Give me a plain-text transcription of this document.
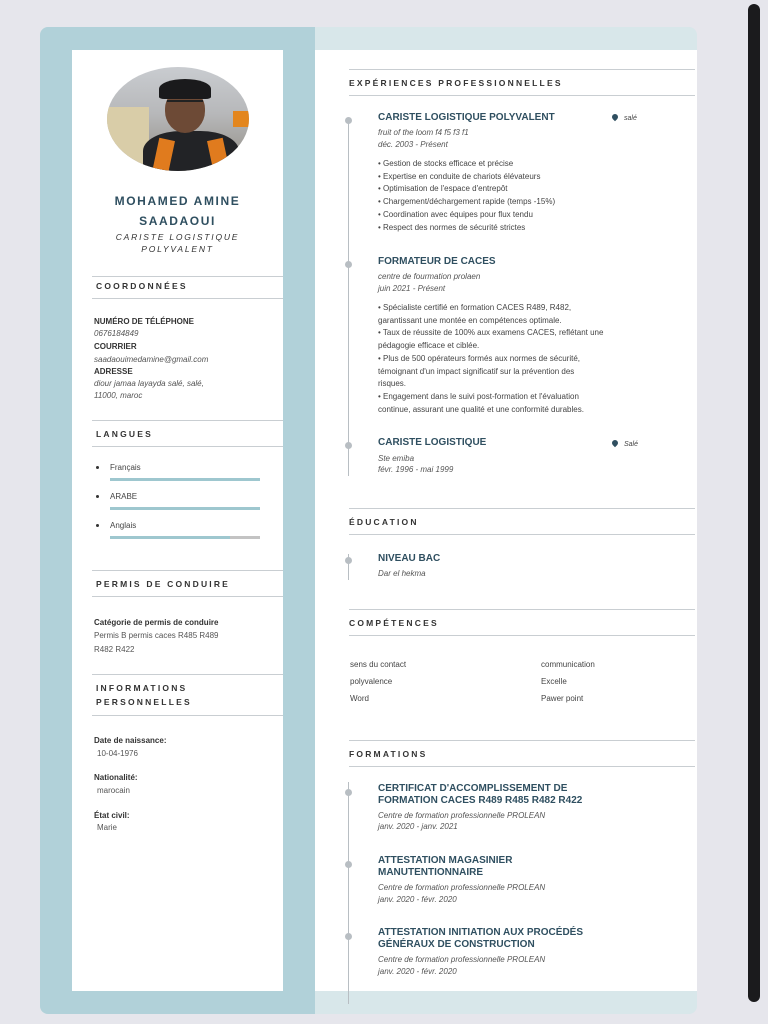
MOHAMED AMINE
SAADAOUI
CARISTE LOGISTIQUE
POLYVALENT
COORDONNÉES
NUMÉRO DE TÉLÉPHONE
0676184849
COURRIER
saadaouimedamine@gmail.com
ADRESSE
diour jamaa layayda salé, salé,
11000, maroc
LANGUES
Français
ARABE
Anglais
PERMIS DE CONDUIRE
Catégorie de permis de conduire
Permis B permis caces R485 R489
R482 R422
INFORMATIONS
PERSONNELLES
Date de naissance:
10-04-1976
Nationalité:
marocain
État civil:
Marie
EXPÉRIENCES PROFESSIONNELLES
CARISTE LOGISTIQUE POLYVALENT	salé
fruit of the loom f4 f5 f3 f1
déc. 2003 - Présent
• Gestion de stocks efficace et précise
• Expertise en conduite de chariots élévateurs
• Optimisation de l'espace d'entrepôt
• Chargement/déchargement rapide (temps -15%)
• Coordination avec équipes pour flux tendu
• Respect des normes de sécurité strictes
FORMATEUR DE CACES
centre de fourmation prolaen
juin 2021 - Présent
• Spécialiste certifié en formation CACES R489, R482,
garantissant une montée en compétences optimale.
• Taux de réussite de 100% aux examens CACES, reflétant une
pédagogie efficace et ciblée.
• Plus de 500 opérateurs formés aux normes de sécurité,
témoignant d'un impact significatif sur la prévention des
risques.
• Engagement dans le suivi post-formation et l'évaluation
continue, assurant une qualité et une conformité durables.
CARISTE LOGISTIQUE	Salé
Ste emiba
févr. 1996 - mai 1999
ÉDUCATION
NIVEAU BAC
Dar el hekma
COMPÉTENCES
sens du contact
polyvalence
Word
communication
Excelle
Pawer point
FORMATIONS
CERTIFICAT D'ACCOMPLISSEMENT DE
FORMATION CACES R489 R485 R482 R422
Centre de formation professionnelle PROLEAN
janv. 2020 - janv. 2021
ATTESTATION MAGASINIER
MANUTENTIONNAIRE
Centre de formation professionnelle PROLEAN
janv. 2020 - févr. 2020
ATTESTATION INITIATION AUX PROCÉDÉS
GÉNÉRAUX DE CONSTRUCTION
Centre de formation professionnelle PROLEAN
janv. 2020 - févr. 2020
